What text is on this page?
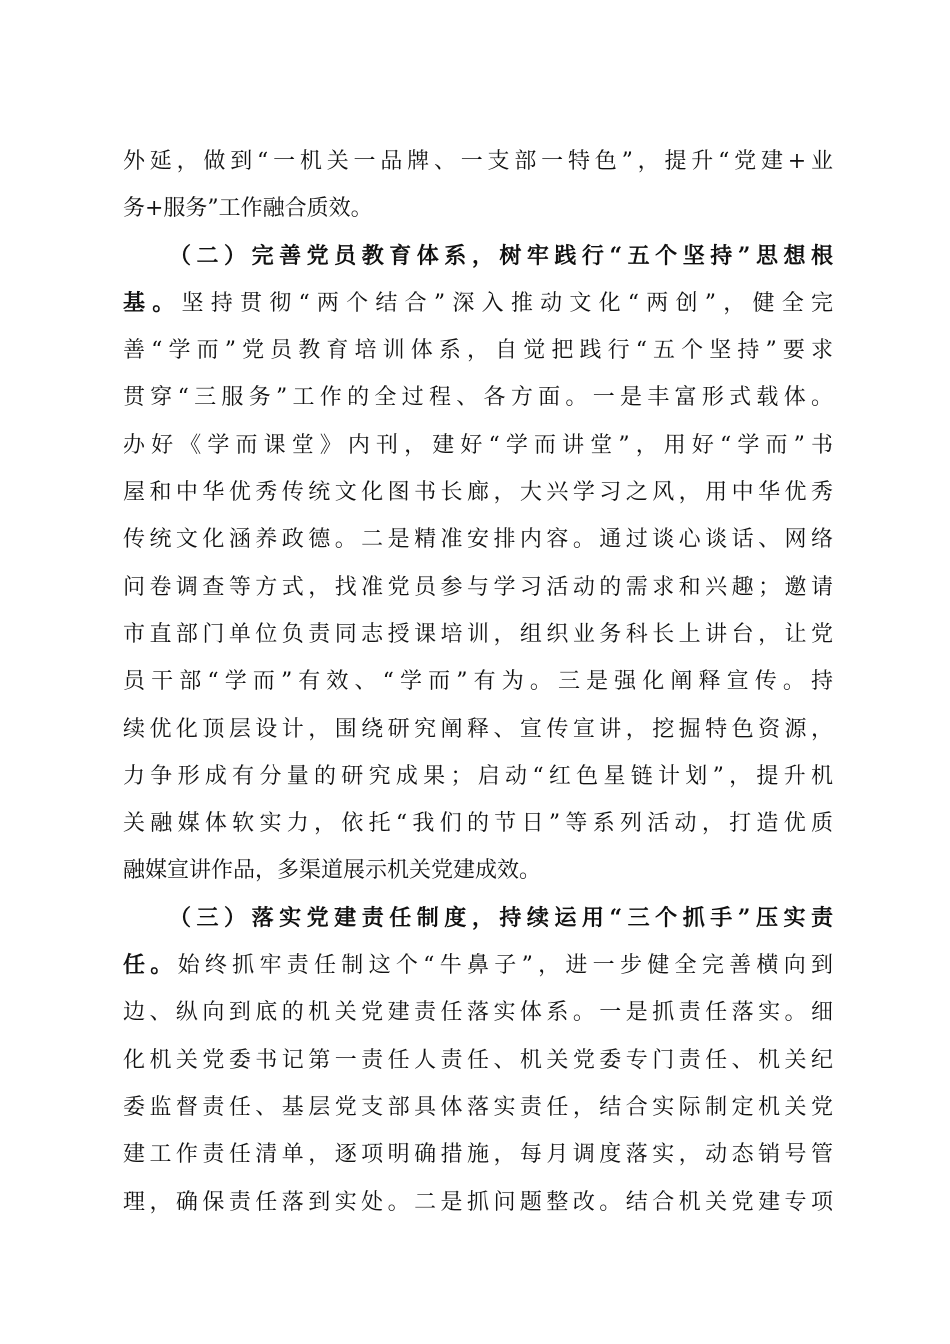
外延，做到“一机关一品牌、一支部一特色”，提升“党建+业
务+服务”工作融合质效。
（二）完善党员教育体系，树牢践行“五个坚持”思想根
基。坚持贯彻“两个结合”深入推动文化“两创”，健全完
善“学而”党员教育培训体系，自觉把践行“五个坚持”要求
贯穿“三服务”工作的全过程、各方面。一是丰富形式载体。
办好《学而课堂》内刊，建好“学而讲堂”，用好“学而”书
屋和中华优秀传统文化图书长廊，大兴学习之风，用中华优秀
传统文化涵养政德。二是精准安排内容。通过谈心谈话、网络
问卷调查等方式，找准党员参与学习活动的需求和兴趣；邀请
市直部门单位负责同志授课培训，组织业务科长上讲台，让党
员干部“学而”有效、“学而”有为。三是强化阐释宣传。持
续优化顶层设计，围绕研究阐释、宣传宣讲，挖掘特色资源，
力争形成有分量的研究成果；启动“红色星链计划”，提升机
关融媒体软实力，依托“我们的节日”等系列活动，打造优质
融媒宣讲作品，多渠道展示机关党建成效。
（三）落实党建责任制度，持续运用“三个抓手”压实责
任。始终抓牢责任制这个“牛鼻子”，进一步健全完善横向到
边、纵向到底的机关党建责任落实体系。一是抓责任落实。细
化机关党委书记第一责任人责任、机关党委专门责任、机关纪
委监督责任、基层党支部具体落实责任，结合实际制定机关党
建工作责任清单，逐项明确措施，每月调度落实，动态销号管
理，确保责任落到实处。二是抓问题整改。结合机关党建专项
